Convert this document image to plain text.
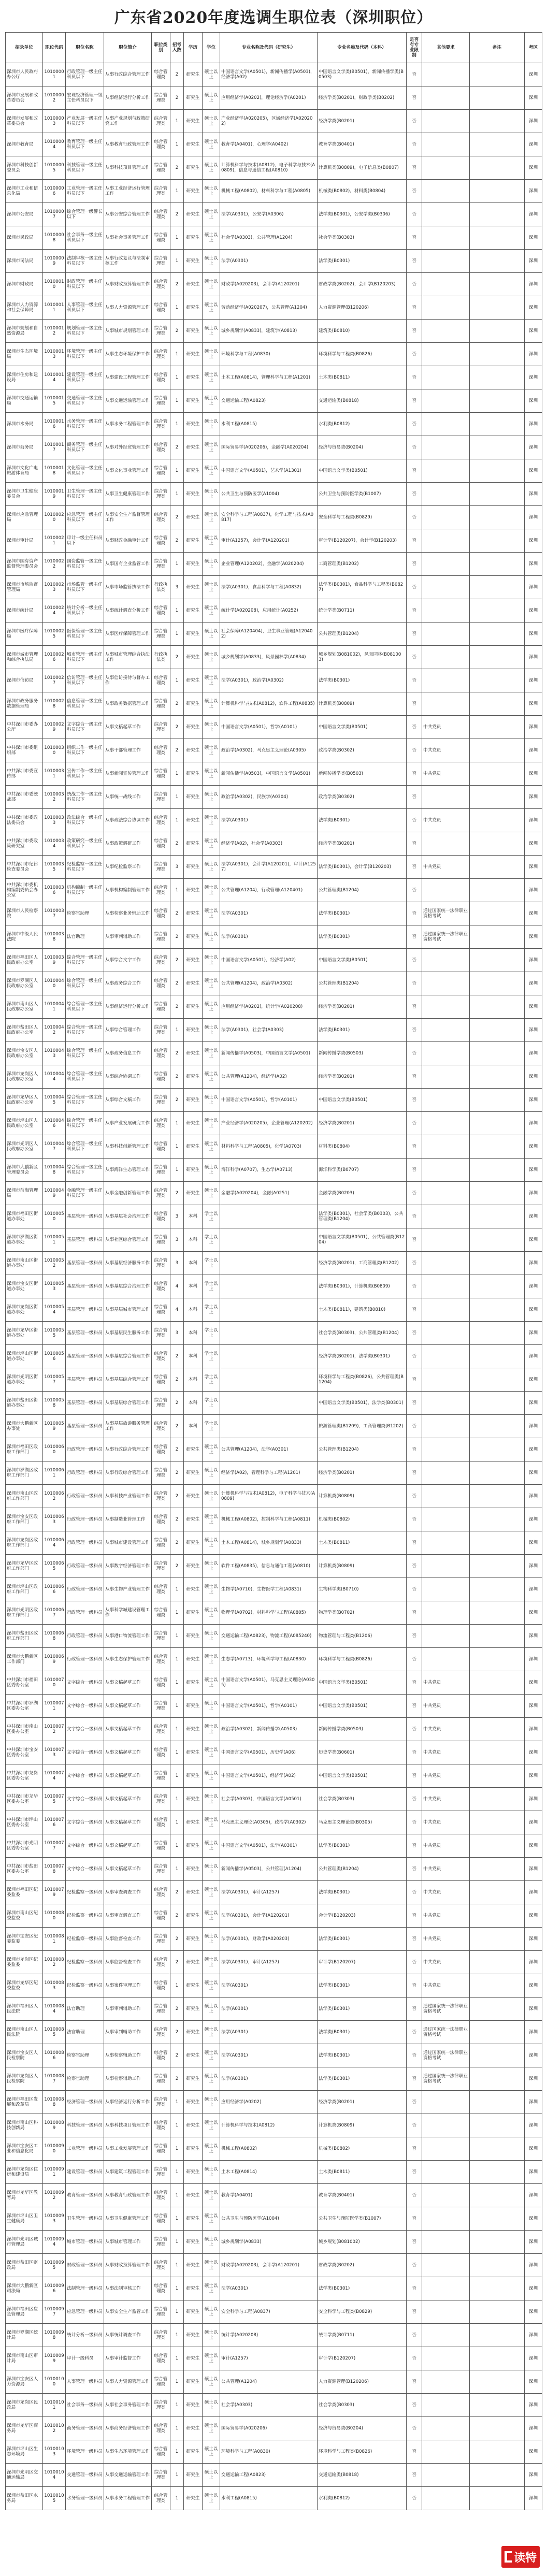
广东省2020年度选调生职位表（深圳职位）
招录单位	职位代码	职位名称	职位简介	职位类别	招考人数	学历	学位	专业名称及代码（研究生）	专业名称及代码（本科）	是否有专业限制	其他要求	备注	考区
深圳市人民政府办公厅	10100001	行政管理一级主任科员以下	从事行政综合管理工作	综合管理类	2	研究生	硕士以上	中国语言文学(A0501)，新闻传播学(A0503)，经济学(A02)	中国语言文学类(B0501)，新闻传播学类(B0503)	否			深圳
深圳市发展和改革委员会	10100002	宏观经济管理一级主任科员以下	从事经济运行分析工作	综合管理类	2	研究生	硕士以上	应用经济学(A0202)，理论经济学(A0201)	经济学类(B0201)，财政学类(B0202)	否			深圳
深圳市发展和改革委员会	10100003	产业发展一级主任科员以下	从事产业规划与政策研究工作	综合管理类	1	研究生	硕士以上	产业经济学(A020205)，区域经济学(A020202)	经济学类(B0201)	否			深圳
深圳市教育局	10100004	教育管理一级主任科员以下	从事教育行政管理工作	综合管理类	1	研究生	硕士以上	教育学(A0401)，心理学(A0402)	教育学类(B0401)	否			深圳
深圳市科技创新委员会	10100005	科技管理一级主任科员以下	从事科技项目管理工作	综合管理类	2	研究生	硕士以上	计算机科学与技术(A0812)，电子科学与技术(A0809)，信息与通信工程(A0810)	计算机类(B0809)，电子信息类(B0807)	否			深圳
深圳市工业和信息化局	10100006	工业管理一级主任科员以下	从事工业经济运行管理工作	综合管理类	1	研究生	硕士以上	机械工程(A0802)，材料科学与工程(A0805)	机械类(B0802)，材料类(B0804)	否			深圳
深圳市公安局	10100007	综合管理一级警长以下	从事公安综合管理工作	综合管理类	2	研究生	硕士以上	法学(A0301)，公安学(A0306)	法学类(B0301)，公安学类(B0306)	否			深圳
深圳市民政局	10100008	社会事务一级主任科员以下	从事社会事务管理工作	综合管理类	1	研究生	硕士以上	社会学(A0303)，公共管理(A1204)	社会学类(B0303)	否			深圳
深圳市司法局	10100009	法制审核一级主任科员以下	从事行政复议与法制审核工作	综合管理类	1	研究生	硕士以上	法学(A0301)	法学类(B0301)	否			深圳
深圳市财政局	10100010	财政管理一级主任科员以下	从事财政预算管理工作	综合管理类	2	研究生	硕士以上	财政学(A020203)，会计学(A120201)	财政学类(B0202)，会计学(B120203)	否			深圳
深圳市人力资源和社会保障局	10100011	人事管理一级主任科员以下	从事人力资源管理工作	综合管理类	1	研究生	硕士以上	劳动经济学(A020207)，公共管理(A1204)	人力资源管理(B120206)	否			深圳
深圳市规划和自然资源局	10100012	规划管理一级主任科员以下	从事城市规划管理工作	综合管理类	2	研究生	硕士以上	城乡规划学(A0833)，建筑学(A0813)	建筑类(B0810)	否			深圳
深圳市生态环境局	10100013	环境管理一级主任科员以下	从事生态环境保护工作	综合管理类	1	研究生	硕士以上	环境科学与工程(A0830)	环境科学与工程类(B0826)	否			深圳
深圳市住房和建设局	10100014	建设管理一级主任科员以下	从事建设工程管理工作	综合管理类	1	研究生	硕士以上	土木工程(A0814)，管理科学与工程(A1201)	土木类(B0811)	否			深圳
深圳市交通运输局	10100015	交通管理一级主任科员以下	从事交通运输管理工作	综合管理类	1	研究生	硕士以上	交通运输工程(A0823)	交通运输类(B0818)	否			深圳
深圳市水务局	10100016	水务管理一级主任科员以下	从事水务工程管理工作	综合管理类	1	研究生	硕士以上	水利工程(A0815)	水利类(B0812)	否			深圳
深圳市商务局	10100017	商务管理一级主任科员以下	从事对外经贸管理工作	综合管理类	2	研究生	硕士以上	国际贸易学(A020206)，金融学(A020204)	经济与贸易类(B0204)	否			深圳
深圳市文化广电旅游体育局	10100018	文化管理一级主任科员以下	从事文化事业管理工作	综合管理类	1	研究生	硕士以上	中国语言文学(A0501)，艺术学(A1301)	中国语言文学类(B0501)	否			深圳
深圳市卫生健康委员会	10100019	卫生管理一级主任科员以下	从事卫生健康管理工作	综合管理类	1	研究生	硕士以上	公共卫生与预防医学(A1004)	公共卫生与预防医学类(B1007)	否			深圳
深圳市应急管理局	10100020	应急管理一级主任科员以下	从事安全生产监督管理工作	综合管理类	2	研究生	硕士以上	安全科学与工程(A0837)，化学工程与技术(A0817)	安全科学与工程类(B0829)	否			深圳
深圳市审计局	10100021	审计一级主任科员以下	从事财政金融审计工作	综合管理类	2	研究生	硕士以上	审计(A1257)，会计学(A120201)	审计学(B120207)，会计学(B120203)	否			深圳
深圳市国有资产监督管理委员会	10100022	国资监管一级主任科员以下	从事国有企业监管工作	综合管理类	1	研究生	硕士以上	企业管理(A120202)，金融学(A020204)	工商管理类(B1202)	否			深圳
深圳市市场监督管理局	10100023	市场监管一级主任科员以下	从事市场监管执法工作	行政执法类	3	研究生	硕士以上	法学(A0301)，食品科学与工程(A0832)	法学类(B0301)，食品科学与工程类(B0827)	否			深圳
深圳市统计局	10100024	统计分析一级主任科员以下	从事统计调查分析工作	综合管理类	1	研究生	硕士以上	统计学(A020208)，应用统计(A0252)	统计学类(B0711)	否			深圳
深圳市医疗保障局	10100025	医保管理一级主任科员以下	从事医疗保障管理工作	综合管理类	1	研究生	硕士以上	社会保障(A120404)，卫生事业管理(A120402)	公共管理类(B1204)	否			深圳
深圳市城市管理和综合执法局	10100026	城市管理一级主任科员以下	从事城市管理综合执法工作	行政执法类	2	研究生	硕士以上	城乡规划学(A0833)，风景园林学(A0834)	城乡规划(B081002)，风景园林(B081003)	否			深圳
深圳市信访局	10100027	信访管理一级主任科员以下	从事信访接待与督办工作	综合管理类	1	研究生	硕士以上	法学(A0301)，政治学(A0302)	法学类(B0301)	否			深圳
深圳市政务服务数据管理局	10100028	信息管理一级主任科员以下	从事政务数据管理工作	综合管理类	2	研究生	硕士以上	计算机科学与技术(A0812)，软件工程(A0835)	计算机类(B0809)	否			深圳
中共深圳市委办公厅	10100029	文字综合一级主任科员以下	从事文稿起草工作	综合管理类	2	研究生	硕士以上	中国语言文学(A0501)，哲学(A0101)	中国语言文学类(B0501)	否	中共党员		深圳
中共深圳市委组织部	10100030	组织工作一级主任科员以下	从事干部管理工作	综合管理类	2	研究生	硕士以上	政治学(A0302)，马克思主义理论(A0305)	政治学类(B0302)	否	中共党员		深圳
中共深圳市委宣传部	10100031	宣传工作一级主任科员以下	从事新闻宣传管理工作	综合管理类	1	研究生	硕士以上	新闻传播学(A0503)，中国语言文学(A0501)	新闻传播学类(B0503)	否	中共党员		深圳
中共深圳市委统战部	10100032	统战工作一级主任科员以下	从事统一战线工作	综合管理类	1	研究生	硕士以上	政治学(A0302)，民族学(A0304)	政治学类(B0302)	否			深圳
中共深圳市委政法委员会	10100033	政法综合一级主任科员以下	从事政法综合协调工作	综合管理类	1	研究生	硕士以上	法学(A0301)	法学类(B0301)	否	中共党员		深圳
中共深圳市委政策研究室	10100034	政策研究一级主任科员以下	从事政策调研工作	综合管理类	2	研究生	硕士以上	经济学(A02)，社会学(A0303)	经济学类(B0201)	否			深圳
中共深圳市纪律检查委员会	10100035	纪检监察一级主任科员以下	从事纪检监察工作	综合管理类	3	研究生	硕士以上	法学(A0301)，会计学(A120201)，审计(A1257)	法学类(B0301)，会计学(B120203)	否	中共党员		深圳
中共深圳市委机构编制委员会办公室	10100036	机构编制一级主任科员以下	从事机构编制管理工作	综合管理类	1	研究生	硕士以上	公共管理(A1204)，行政管理(A120401)	公共管理类(B1204)	否			深圳
深圳市人民检察院	10100037	检察官助理	从事检察业务辅助工作	综合管理类	2	研究生	硕士以上	法学(A0301)	法学类(B0301)	否	通过国家统一法律职业资格考试		深圳
深圳市中级人民法院	10100038	法官助理	从事审判辅助工作	综合管理类	2	研究生	硕士以上	法学(A0301)	法学类(B0301)	否	通过国家统一法律职业资格考试		深圳
深圳市福田区人民政府办公室	10100039	综合管理一级主任科员以下	从事综合文字工作	综合管理类	2	研究生	硕士以上	中国语言文学(A0501)，经济学(A02)	中国语言文学类(B0501)	否			深圳
深圳市罗湖区人民政府办公室	10100040	综合管理一级主任科员以下	从事政务综合工作	综合管理类	2	研究生	硕士以上	公共管理(A1204)，政治学(A0302)	公共管理类(B1204)	否			深圳
深圳市南山区人民政府办公室	10100041	综合管理一级主任科员以下	从事经济运行分析工作	综合管理类	2	研究生	硕士以上	应用经济学(A0202)，统计学(A020208)	经济学类(B0201)	否			深圳
深圳市盐田区人民政府办公室	10100042	综合管理一级主任科员以下	从事综合管理工作	综合管理类	1	研究生	硕士以上	法学(A0301)，社会学(A0303)	法学类(B0301)	否			深圳
深圳市宝安区人民政府办公室	10100043	综合管理一级主任科员以下	从事政务信息工作	综合管理类	2	研究生	硕士以上	新闻传播学(A0503)，中国语言文学(A0501)	新闻传播学类(B0503)	否			深圳
深圳市龙岗区人民政府办公室	10100044	综合管理一级主任科员以下	从事综合协调工作	综合管理类	2	研究生	硕士以上	公共管理(A1204)，经济学(A02)	经济学类(B0201)	否			深圳
深圳市龙华区人民政府办公室	10100045	综合管理一级主任科员以下	从事综合文稿工作	综合管理类	2	研究生	硕士以上	中国语言文学(A0501)，哲学(A0101)	中国语言文学类(B0501)	否			深圳
深圳市坪山区人民政府办公室	10100046	综合管理一级主任科员以下	从事产业发展研究工作	综合管理类	1	研究生	硕士以上	产业经济学(A020205)，企业管理(A120202)	经济学类(B0201)	否			深圳
深圳市光明区人民政府办公室	10100047	综合管理一级主任科员以下	从事科技创新管理工作	综合管理类	1	研究生	硕士以上	材料科学与工程(A0805)，化学(A0703)	材料类(B0804)	否			深圳
深圳市大鹏新区管理委员会	10100048	综合管理一级主任科员以下	从事海洋生态管理工作	综合管理类	1	研究生	硕士以上	海洋科学(A0707)，生态学(A0713)	海洋科学类(B0707)	否			深圳
深圳市前海管理局	10100049	金融管理一级主任科员以下	从事金融创新管理工作	综合管理类	2	研究生	硕士以上	金融学(A020204)，金融(A0251)	金融学类(B0203)	否			深圳
深圳市福田区街道办事处	10100050	基层管理一级科员	从事基层社会治理工作	综合管理类	3	本科	学士以上		法学类(B0301)，社会学类(B0303)，公共管理类(B1204)	否			深圳
深圳市罗湖区街道办事处	10100051	基层管理一级科员	从事社区综合管理工作	综合管理类	3	本科	学士以上		中国语言文学类(B0501)，公共管理类(B1204)	否			深圳
深圳市南山区街道办事处	10100052	基层管理一级科员	从事基层经济服务工作	综合管理类	3	本科	学士以上		经济学类(B0201)，工商管理类(B1202)	否			深圳
深圳市宝安区街道办事处	10100053	基层管理一级科员	从事基层综合治理工作	综合管理类	4	本科	学士以上		法学类(B0301)，计算机类(B0809)	否			深圳
深圳市龙岗区街道办事处	10100054	基层管理一级科员	从事基层城市管理工作	综合管理类	4	本科	学士以上		土木类(B0811)，建筑类(B0810)	否			深圳
深圳市龙华区街道办事处	10100055	基层管理一级科员	从事基层民生服务工作	综合管理类	3	本科	学士以上		社会学类(B0303)，公共管理类(B1204)	否			深圳
深圳市坪山区街道办事处	10100056	基层管理一级科员	从事基层综合管理工作	综合管理类	2	本科	学士以上		经济学类(B0201)，法学类(B0301)	否			深圳
深圳市光明区街道办事处	10100057	基层管理一级科员	从事基层综合管理工作	综合管理类	2	本科	学士以上		环境科学与工程类(B0826)，公共管理类(B1204)	否			深圳
深圳市盐田区街道办事处	10100058	基层管理一级科员	从事基层综合管理工作	综合管理类	2	本科	学士以上		中国语言文学类(B0501)，法学类(B0301)	否			深圳
深圳市大鹏新区办事处	10100059	基层管理一级科员	从事基层旅游服务管理工作	综合管理类	2	本科	学士以上		旅游管理类(B1209)，工商管理类(B1202)	否			深圳
深圳市福田区政府工作部门	10100060	行政管理一级科员	从事行政综合管理工作	综合管理类	2	研究生	硕士以上	公共管理(A1204)，法学(A0301)	公共管理类(B1204)	否			深圳
深圳市罗湖区政府工作部门	10100061	行政管理一级科员	从事行政综合管理工作	综合管理类	2	研究生	硕士以上	经济学(A02)，管理科学与工程(A1201)	经济学类(B0201)	否			深圳
深圳市南山区政府工作部门	10100062	行政管理一级科员	从事科技产业管理工作	综合管理类	2	研究生	硕士以上	计算机科学与技术(A0812)，电子科学与技术(A0809)	计算机类(B0809)	否			深圳
深圳市宝安区政府工作部门	10100063	行政管理一级科员	从事制造业管理工作	综合管理类	2	研究生	硕士以上	机械工程(A0802)，控制科学与工程(A0811)	机械类(B0802)	否			深圳
深圳市龙岗区政府工作部门	10100064	行政管理一级科员	从事城市建设管理工作	综合管理类	2	研究生	硕士以上	土木工程(A0814)，城乡规划学(A0833)	土木类(B0811)	否			深圳
深圳市龙华区政府工作部门	10100065	行政管理一级科员	从事数字经济管理工作	综合管理类	2	研究生	硕士以上	软件工程(A0835)，信息与通信工程(A0810)	计算机类(B0809)	否			深圳
深圳市坪山区政府工作部门	10100066	行政管理一级科员	从事生物产业管理工作	综合管理类	1	研究生	硕士以上	生物学(A0710)，生物医学工程(A0831)	生物科学类(B0710)	否			深圳
深圳市光明区政府工作部门	10100067	行政管理一级科员	从事科学城建设管理工作	综合管理类	1	研究生	硕士以上	物理学(A0702)，材料科学与工程(A0805)	物理学类(B0702)	否			深圳
深圳市盐田区政府工作部门	10100068	行政管理一级科员	从事港口物流管理工作	综合管理类	1	研究生	硕士以上	交通运输工程(A0823)，物流工程(A085240)	物流管理与工程类(B1206)	否			深圳
深圳市大鹏新区工作部门	10100069	行政管理一级科员	从事生态保护管理工作	综合管理类	1	研究生	硕士以上	生态学(A0713)，环境科学与工程(A0830)	环境科学与工程类(B0826)	否			深圳
中共深圳市福田区委办公室	10100070	文字综合一级科员	从事文稿起草工作	综合管理类	1	研究生	硕士以上	中国语言文学(A0501)，马克思主义理论(A0305)	中国语言文学类(B0501)	否	中共党员		深圳
中共深圳市罗湖区委办公室	10100071	文字综合一级科员	从事文稿起草工作	综合管理类	1	研究生	硕士以上	中国语言文学(A0501)，哲学(A0101)	中国语言文学类(B0501)	否	中共党员		深圳
中共深圳市南山区委办公室	10100072	文字综合一级科员	从事文稿起草工作	综合管理类	1	研究生	硕士以上	政治学(A0302)，新闻传播学(A0503)	新闻传播学类(B0503)	否	中共党员		深圳
中共深圳市宝安区委办公室	10100073	文字综合一级科员	从事文稿起草工作	综合管理类	1	研究生	硕士以上	中国语言文学(A0501)，历史学(A06)	历史学类(B0601)	否	中共党员		深圳
中共深圳市龙岗区委办公室	10100074	文字综合一级科员	从事文稿起草工作	综合管理类	1	研究生	硕士以上	中国语言文学(A0501)，经济学(A02)	中国语言文学类(B0501)	否	中共党员		深圳
中共深圳市龙华区委办公室	10100075	文字综合一级科员	从事文稿起草工作	综合管理类	1	研究生	硕士以上	社会学(A0303)，中国语言文学(A0501)	社会学类(B0303)	否	中共党员		深圳
中共深圳市坪山区委办公室	10100076	文字综合一级科员	从事文稿起草工作	综合管理类	1	研究生	硕士以上	马克思主义理论(A0305)，政治学(A0302)	马克思主义理论类(B0305)	否	中共党员		深圳
中共深圳市光明区委办公室	10100077	文字综合一级科员	从事文稿起草工作	综合管理类	1	研究生	硕士以上	中国语言文学(A0501)，法学(A0301)	法学类(B0301)	否	中共党员		深圳
中共深圳市盐田区委办公室	10100078	文字综合一级科员	从事文稿起草工作	综合管理类	1	研究生	硕士以上	新闻传播学(A0503)，公共管理(A1204)	公共管理类(B1204)	否	中共党员		深圳
深圳市福田区纪委监委	10100079	纪检监察一级科员	从事审查调查工作	综合管理类	2	研究生	硕士以上	法学(A0301)，审计(A1257)	法学类(B0301)	否	中共党员		深圳
深圳市南山区纪委监委	10100080	纪检监察一级科员	从事审查调查工作	综合管理类	2	研究生	硕士以上	法学(A0301)，会计学(A120201)	会计学(B120203)	否	中共党员		深圳
深圳市宝安区纪委监委	10100081	纪检监察一级科员	从事监督检查工作	综合管理类	2	研究生	硕士以上	法学(A0301)，财政学(A020203)	法学类(B0301)	否	中共党员		深圳
深圳市龙岗区纪委监委	10100082	纪检监察一级科员	从事监督检查工作	综合管理类	2	研究生	硕士以上	法学(A0301)，审计(A1257)	审计学(B120207)	否	中共党员		深圳
深圳市龙华区纪委监委	10100083	纪检监察一级科员	从事案件审理工作	综合管理类	1	研究生	硕士以上	法学(A0301)	法学类(B0301)	否	中共党员		深圳
深圳市福田区人民法院	10100084	法官助理	从事审判辅助工作	综合管理类	2	研究生	硕士以上	法学(A0301)	法学类(B0301)	否	通过国家统一法律职业资格考试		深圳
深圳市南山区人民法院	10100085	法官助理	从事审判辅助工作	综合管理类	2	研究生	硕士以上	法学(A0301)	法学类(B0301)	否	通过国家统一法律职业资格考试		深圳
深圳市宝安区人民检察院	10100086	检察官助理	从事检察辅助工作	综合管理类	2	研究生	硕士以上	法学(A0301)	法学类(B0301)	否	通过国家统一法律职业资格考试		深圳
深圳市龙岗区人民检察院	10100087	检察官助理	从事检察辅助工作	综合管理类	2	研究生	硕士以上	法学(A0301)	法学类(B0301)	否	通过国家统一法律职业资格考试		深圳
深圳市福田区发展和改革局	10100088	经济管理一级科员	从事经济运行分析工作	综合管理类	1	研究生	硕士以上	应用经济学(A0202)	经济学类(B0201)	否			深圳
深圳市南山区科技创新局	10100089	科技管理一级科员	从事科技项目管理工作	综合管理类	1	研究生	硕士以上	计算机科学与技术(A0812)	计算机类(B0809)	否			深圳
深圳市宝安区工业和信息化局	10100090	工业管理一级科员	从事工业发展管理工作	综合管理类	1	研究生	硕士以上	机械工程(A0802)	机械类(B0802)	否			深圳
深圳市龙岗区住房和建设局	10100091	建设管理一级科员	从事建筑工程管理工作	综合管理类	1	研究生	硕士以上	土木工程(A0814)	土木类(B0811)	否			深圳
深圳市龙华区教育局	10100092	教育管理一级科员	从事教育行政管理工作	综合管理类	1	研究生	硕士以上	教育学(A0401)	教育学类(B0401)	否			深圳
深圳市坪山区卫生健康局	10100093	卫生管理一级科员	从事卫生健康管理工作	综合管理类	1	研究生	硕士以上	公共卫生与预防医学(A1004)	公共卫生与预防医学类(B1007)	否			深圳
深圳市光明区城市管理局	10100094	城市管理一级科员	从事城市管理工作	综合管理类	1	研究生	硕士以上	城乡规划学(A0833)	城乡规划(B081002)	否			深圳
深圳市盐田区财政局	10100095	财政管理一级科员	从事财政预算管理工作	综合管理类	1	研究生	硕士以上	财政学(A020203)，会计学(A120201)	财政学类(B0202)	否			深圳
深圳市大鹏新区司法局	10100096	法制管理一级科员	从事法制审核工作	综合管理类	1	研究生	硕士以上	法学(A0301)	法学类(B0301)	否			深圳
深圳市福田区应急管理局	10100097	应急管理一级科员	从事安全生产监管工作	综合管理类	1	研究生	硕士以上	安全科学与工程(A0837)	安全科学与工程类(B0829)	否			深圳
深圳市罗湖区统计局	10100098	统计分析一级科员	从事统计调查工作	综合管理类	1	研究生	硕士以上	统计学(A020208)	统计学类(B0711)	否			深圳
深圳市南山区审计局	10100099	审计一级科员	从事审计监督工作	综合管理类	1	研究生	硕士以上	审计(A1257)	审计学(B120207)	否			深圳
深圳市宝安区人力资源局	10100100	人事管理一级科员	从事人力资源管理工作	综合管理类	1	研究生	硕士以上	公共管理(A1204)	人力资源管理(B120206)	否			深圳
深圳市龙岗区民政局	10100101	社会事务一级科员	从事社会事务管理工作	综合管理类	1	研究生	硕士以上	社会学(A0303)	社会学类(B0303)	否			深圳
深圳市龙华区商务局	10100102	商务管理一级科员	从事商务经济管理工作	综合管理类	1	研究生	硕士以上	国际贸易学(A020206)	经济与贸易类(B0204)	否			深圳
深圳市坪山区生态环境局	10100103	环境管理一级科员	从事生态环境管理工作	综合管理类	1	研究生	硕士以上	环境科学与工程(A0830)	环境科学与工程类(B0826)	否			深圳
深圳市光明区交通运输局	10100104	交通管理一级科员	从事交通运输管理工作	综合管理类	1	研究生	硕士以上	交通运输工程(A0823)	交通运输类(B0818)	否			深圳
深圳市盐田区水务局	10100105	水务管理一级科员	从事水务工程管理工作	综合管理类	1	研究生	硕士以上	水利工程(A0815)	水利类(B0812)	否			深圳
读特
